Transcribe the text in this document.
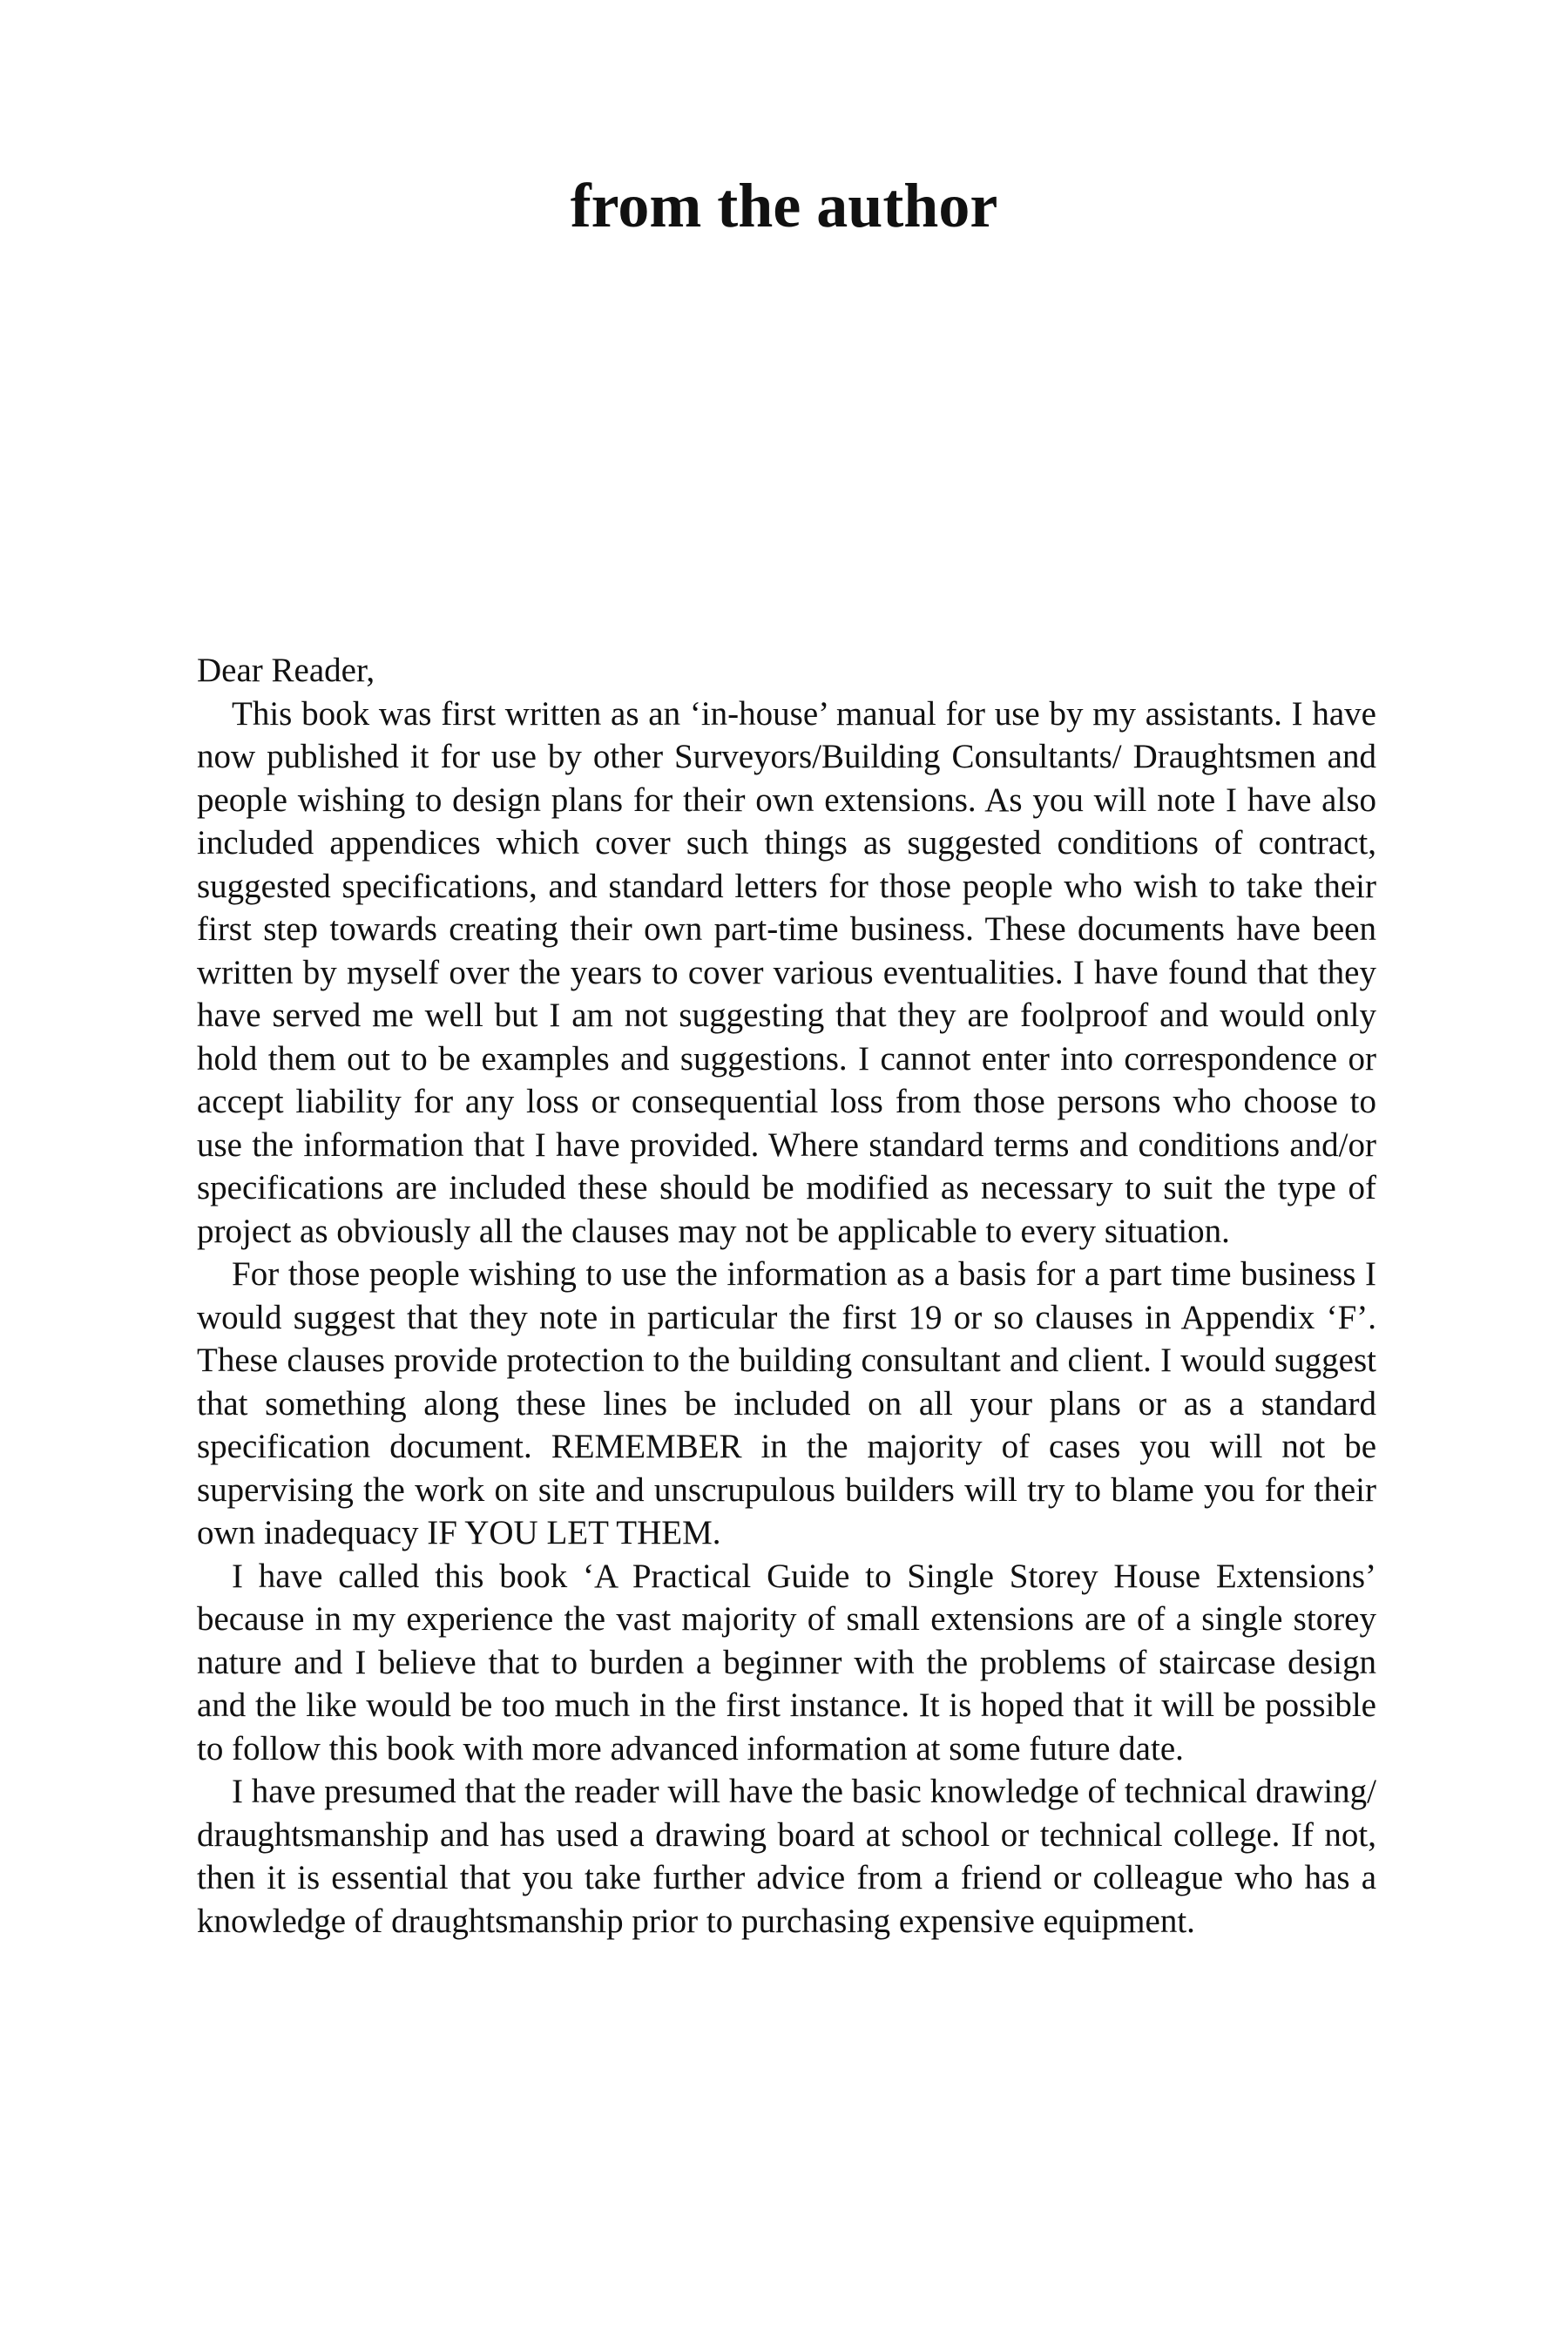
from the author

Dear Reader,

This book was first written as an ‘in-house’ manual for use by my assistants. I have now published it for use by other Surveyors/Building Consultants/ Draughtsmen and people wishing to design plans for their own extensions. As you will note I have also included appendices which cover such things as suggested conditions of contract, suggested specifications, and standard letters for those people who wish to take their first step towards creating their own part-time business. These documents have been written by myself over the years to cover various eventualities. I have found that they have served me well but I am not suggesting that they are foolproof and would only hold them out to be examples and suggestions. I cannot enter into correspondence or accept liability for any loss or consequential loss from those persons who choose to use the information that I have provided. Where standard terms and conditions and/or specifications are included these should be modified as necessary to suit the type of project as obviously all the clauses may not be applicable to every situation.

For those people wishing to use the information as a basis for a part time business I would suggest that they note in particular the first 19 or so clauses in Appendix ‘F’. These clauses provide protection to the building consultant and client. I would suggest that something along these lines be included on all your plans or as a standard specification document. REMEMBER in the majority of cases you will not be supervising the work on site and unscrupulous builders will try to blame you for their own inadequacy IF YOU LET THEM.

I have called this book ‘A Practical Guide to Single Storey House Extensions’ because in my experience the vast majority of small extensions are of a single storey nature and I believe that to burden a beginner with the problems of staircase design and the like would be too much in the first instance. It is hoped that it will be possible to follow this book with more advanced information at some future date.

I have presumed that the reader will have the basic knowledge of technical drawing/ draughtsmanship and has used a drawing board at school or technical college. If not, then it is essential that you take further advice from a friend or colleague who has a knowledge of draughtsmanship prior to purchasing expensive equipment.
